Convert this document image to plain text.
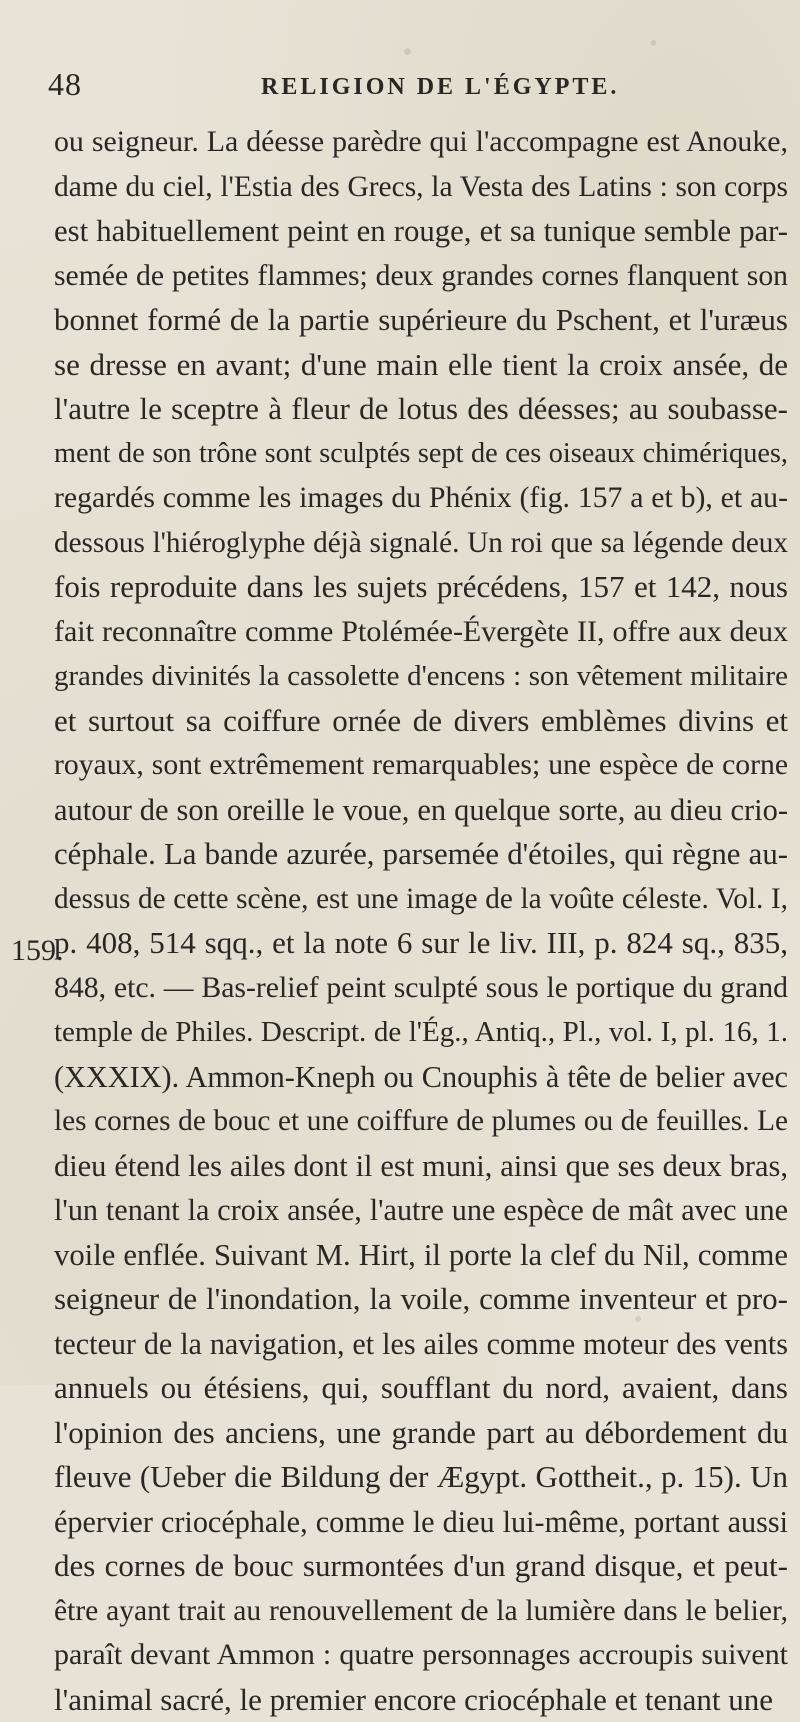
48	RELIGION DE L'ÉGYPTE.
159.
ou seigneur. La déesse parèdre qui l'accompagne est Anouke,
dame du ciel, l'Estia des Grecs, la Vesta des Latins : son corps
est habituellement peint en rouge, et sa tunique semble par-
semée de petites flammes; deux grandes cornes flanquent son
bonnet formé de la partie supérieure du Pschent, et l'uræus
se dresse en avant; d'une main elle tient la croix ansée, de
l'autre le sceptre à fleur de lotus des déesses; au soubasse-
ment de son trône sont sculptés sept de ces oiseaux chimériques,
regardés comme les images du Phénix (fig. 157 a et b), et au-
dessous l'hiéroglyphe déjà signalé. Un roi que sa légende deux
fois reproduite dans les sujets précédens, 157 et 142, nous
fait reconnaître comme Ptolémée-Évergète II, offre aux deux
grandes divinités la cassolette d'encens : son vêtement militaire
et surtout sa coiffure ornée de divers emblèmes divins et
royaux, sont extrêmement remarquables; une espèce de corne
autour de son oreille le voue, en quelque sorte, au dieu crio-
céphale. La bande azurée, parsemée d'étoiles, qui règne au-
dessus de cette scène, est une image de la voûte céleste. Vol. I,
p. 408, 514 sqq., et la note 6 sur le liv. III, p. 824 sq., 835,
848, etc. — Bas-relief peint sculpté sous le portique du grand
temple de Philes. Descript. de l'Ég., Antiq., Pl., vol. I, pl. 16, 1.
(XXXIX). Ammon-Kneph ou Cnouphis à tête de belier avec
les cornes de bouc et une coiffure de plumes ou de feuilles. Le
dieu étend les ailes dont il est muni, ainsi que ses deux bras,
l'un tenant la croix ansée, l'autre une espèce de mât avec une
voile enflée. Suivant M. Hirt, il porte la clef du Nil, comme
seigneur de l'inondation, la voile, comme inventeur et pro-
tecteur de la navigation, et les ailes comme moteur des vents
annuels ou étésiens, qui, soufflant du nord, avaient, dans
l'opinion des anciens, une grande part au débordement du
fleuve (Ueber die Bildung der Ægypt. Gottheit., p. 15). Un
épervier criocéphale, comme le dieu lui-même, portant aussi
des cornes de bouc surmontées d'un grand disque, et peut-
être ayant trait au renouvellement de la lumière dans le belier,
paraît devant Ammon : quatre personnages accroupis suivent
l'animal sacré, le premier encore criocéphale et tenant une
